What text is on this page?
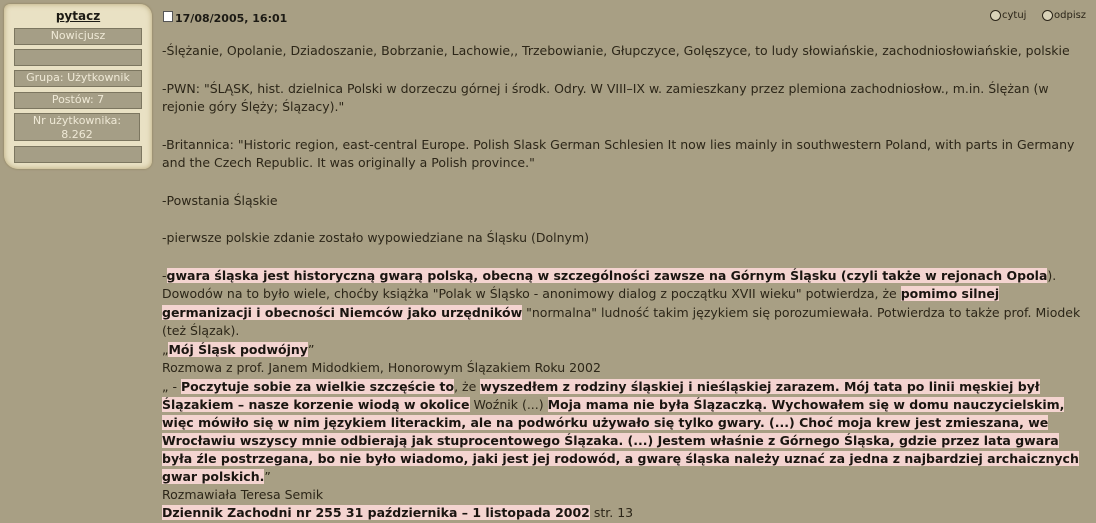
pytacz
Nowicjusz
Grupa: Użytkownik
Postów: 7
Nr użytkownika: 8.262
17/08/2005, 16:01	cytuj	odpisz

-Ślężanie, Opolanie, Dziadoszanie, Bobrzanie, Lachowie,, Trzebowianie, Głupczyce, Golęszyce, to ludy słowiańskie, zachodniosłowiańskie, polskie

-PWN: "ŚLĄSK, hist. dzielnica Polski w dorzeczu górnej i środk. Odry. W VIII–IX w. zamieszkany przez plemiona zachodniosłow., m.in. Ślężan (w rejonie góry Ślęży; Ślązacy)."

-Britannica: "Historic region, east-central Europe. Polish Slask German Schlesien It now lies mainly in southwestern Poland, with parts in Germany and the Czech Republic. It was originally a Polish province."

-Powstania Śląskie

-pierwsze polskie zdanie zostało wypowiedziane na Śląsku (Dolnym)

-gwara śląska jest historyczną gwarą polską, obecną w szczególności zawsze na Górnym Śląsku (czyli także w rejonach Opola). Dowodów na to było wiele, choćby książka "Polak w Śląsko - anonimowy dialog z początku XVII wieku" potwierdza, że pomimo silnej germanizacji i obecności Niemców jako urzędników "normalna" ludność takim językiem się porozumiewała. Potwierdza to także prof. Miodek (też Ślązak).

„Mój Śląsk podwójny”

Rozmowa z prof. Janem Midodkiem, Honorowym Ślązakiem Roku 2002

„ - Poczytuje sobie za wielkie szczęście to, że wyszedłem z rodziny śląskiej i nieśląskiej zarazem. Mój tata po linii męskiej był Ślązakiem – nasze korzenie wiodą w okolice Woźnik (...) Moja mama nie była Ślązaczką. Wychowałem się w domu nauczycielskim, więc mówiło się w nim językiem literackim, ale na podwórku używało się tylko gwary. (...) Choć moja krew jest zmieszana, we Wrocławiu wszyscy mnie odbierają jak stuprocentowego Ślązaka. (...) Jestem właśnie z Górnego Śląska, gdzie przez lata gwara była źle postrzegana, bo nie było wiadomo, jaki jest jej rodowód, a gwarę śląska należy uznać za jedna z najbardziej archaicznych gwar polskich.”

Rozmawiała Teresa Semik

Dziennik Zachodni nr 255 31 października – 1 listopada 2002 str. 13
